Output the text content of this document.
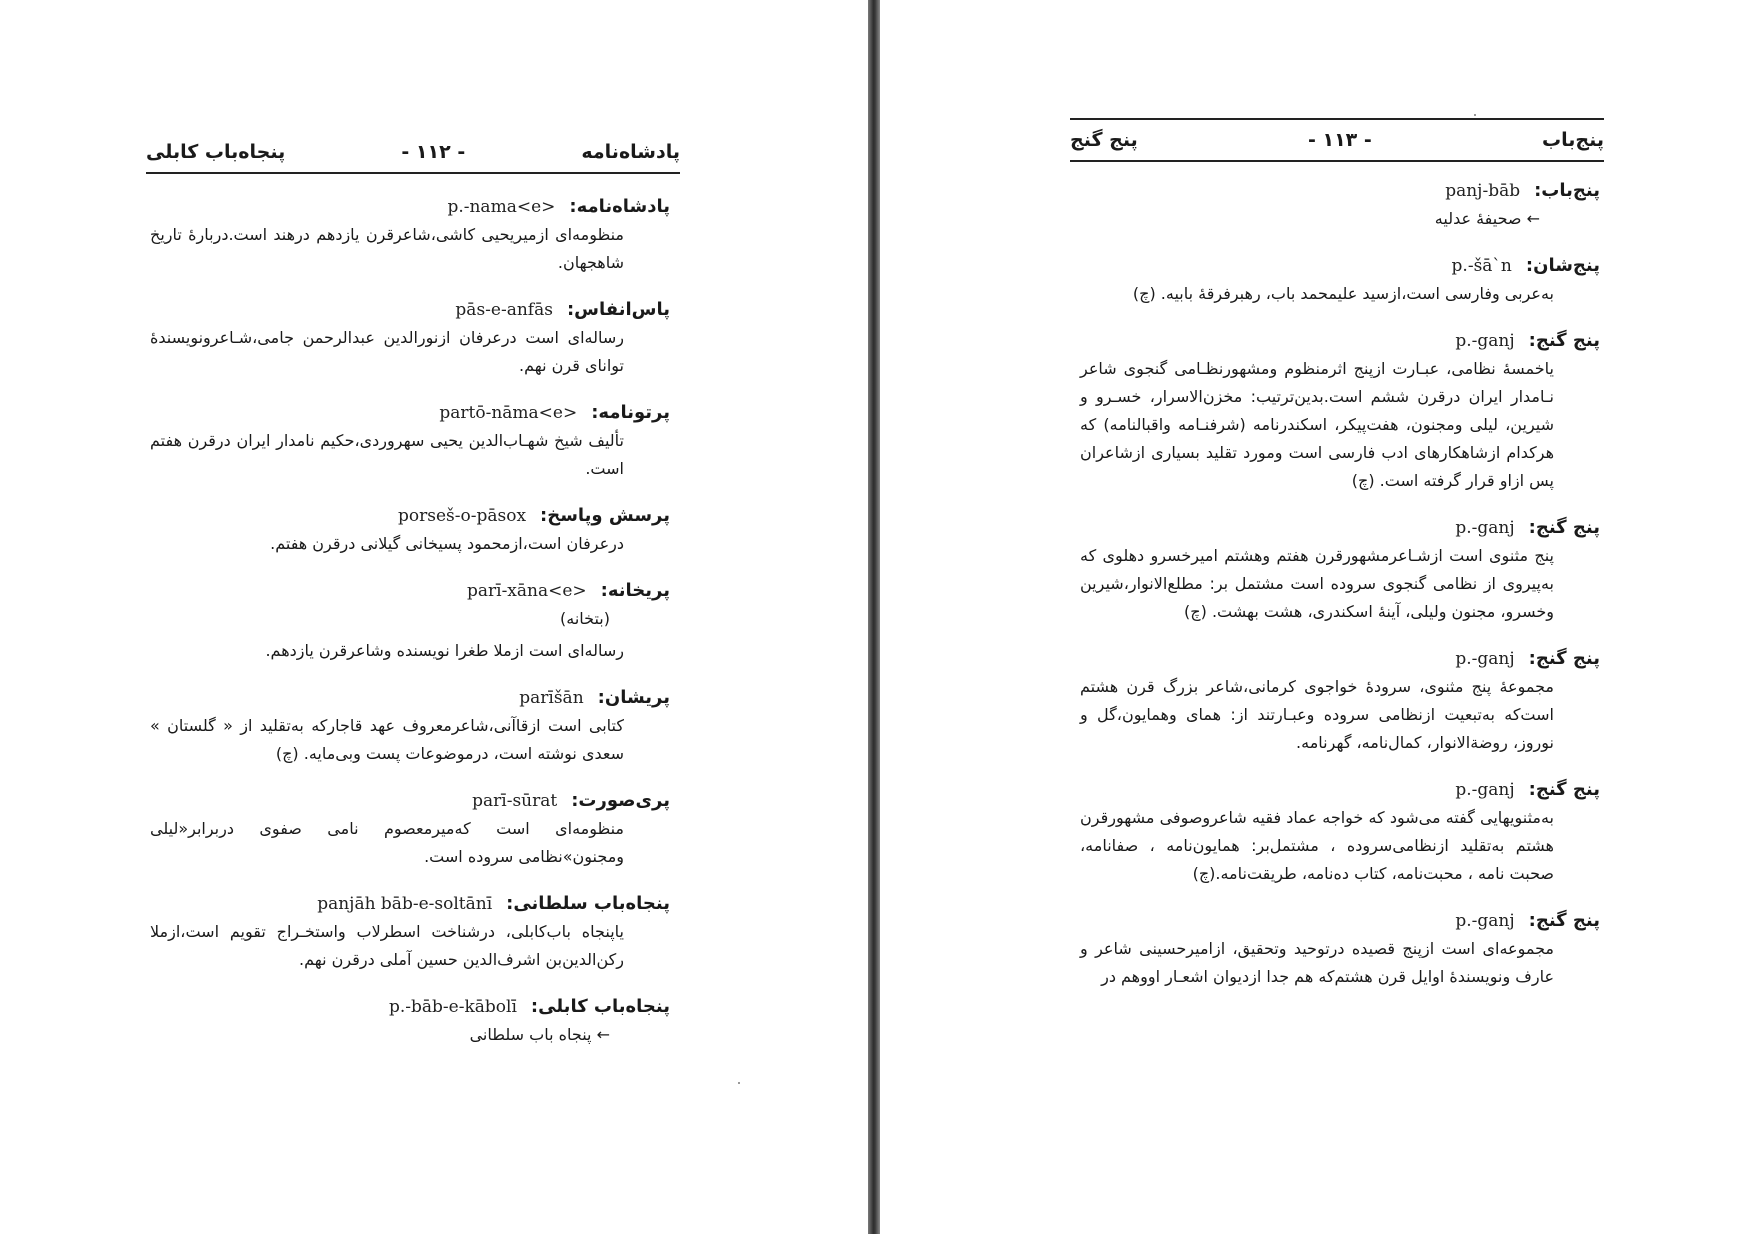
پادشاه‌نامه
- ۱۱۲ -
پنجاه‌باب کابلی
پادشاه‌نامه:
p.-nama<e>
منظومه‌ای ازمیریحیی کاشی،شاعرقرن یازدهم درهند است.دربارهٔ تاریخ شاهجهان.
پاس‌انفاس:
pās-e-anfās
رساله‌ای است درعرفان ازنورالدین عبدالرحمن جامی،شـاعرونویسندهٔ توانای قرن نهم.
پرتونامه:
partō-nāma<e>
تألیف شیخ شهـاب‌الدین یحیی سهروردی،حکیم نامدار ایران درقرن هفتم است.
پرسش وپاسخ:
porseš-o-pāsox
درعرفان است،ازمحمود پسیخانی گیلانی درقرن هفتم.
پریخانه:
parī-xāna<e>
(بتخانه)
رساله‌ای است ازملا طغرا نویسنده وشاعرقرن یازدهم.
پریشان:
parīšān
کتابی است ازقاآنی،شاعرمعروف عهد قاجارکه به‌تقلید از « گلستان » سعدی نوشته است، درموضوعات پست وبی‌مایه. (چ)
پری‌صورت:
parī-sūrat
منظومه‌ای است که‌میرمعصوم نامی صفوی دربرابر«لیلی ومجنون»نظامی سروده است.
پنجاه‌باب سلطانی:
panjāh bāb-e-soltānī
یاپنجاه باب‌کابلی، درشناخت اسطرلاب واستخـراج تقویم است،ازملا رکن‌الدین‌بن اشرف‌الدین حسین آملی درقرن نهم.
پنجاه‌باب کابلی:
p.-bāb-e-kābolī
← پنجاه باب سلطانی
پنج‌باب
- ۱۱۳ -
پنج گنج
پنج‌باب:
panj-bāb
← صحیفهٔ عدلیه
پنج‌شان:
p.-šā`n
به‌عربی وفارسی است،ازسید علیمحمد باب، رهبرفرقهٔ بابیه. (چ)
پنج گنج:
p.-ganj
یاخمسهٔ نظامی، عبـارت ازپنج اثرمنظوم ومشهورنظـامی گنجوی شاعر نـامدار ایران درقرن ششم است.بدین‌ترتیب: مخزن‌الاسرار، خسـرو و شیرین، لیلی ومجنون، هفت‌پیکر، اسکندرنامه (شرفنـامه واقبالنامه) که هرکدام ازشاهکارهای ادب فارسی است ومورد تقلید بسیاری ازشاعران پس ازاو قرار گرفته است. (چ)
پنج گنج:
p.-ganj
پنج مثنوی است ازشـاعرمشهورقرن هفتم وهشتم امیرخسرو دهلوی که به‌پیروی از نظامی گنجوی سروده است مشتمل بر: مطلع‌الانوار،شیرین وخسرو، مجنون ولیلی، آینهٔ اسکندری، هشت بهشت. (چ)
پنج گنج:
p.-ganj
مجموعهٔ پنج مثنوی، سرودهٔ خواجوی کرمانی،شاعر بزرگ قرن هشتم است‌که به‌تبعیت ازنظامی سروده وعبـارتند از: همای وهمایون،گل و نوروز، روضة‌الانوار، کمال‌نامه، گهرنامه.
پنج گنج:
p.-ganj
به‌مثنویهایی گفته می‌شود که خواجه عماد فقیه شاعروصوفی مشهورقرن هشتم به‌تقلید ازنظامی‌سروده ، مشتمل‌بر: همایون‌نامه ، صفانامه، صحبت نامه ، محبت‌نامه، کتاب ده‌نامه، طریقت‌نامه.(چ)
پنج گنج:
p.-ganj
مجموعه‌ای است ازپنج قصیده درتوحید وتحقیق، ازامیرحسینی شاعر و عارف ونویسندهٔ اوایل قرن هشتم‌که هم جدا ازدیوان اشعـار اووهم در
